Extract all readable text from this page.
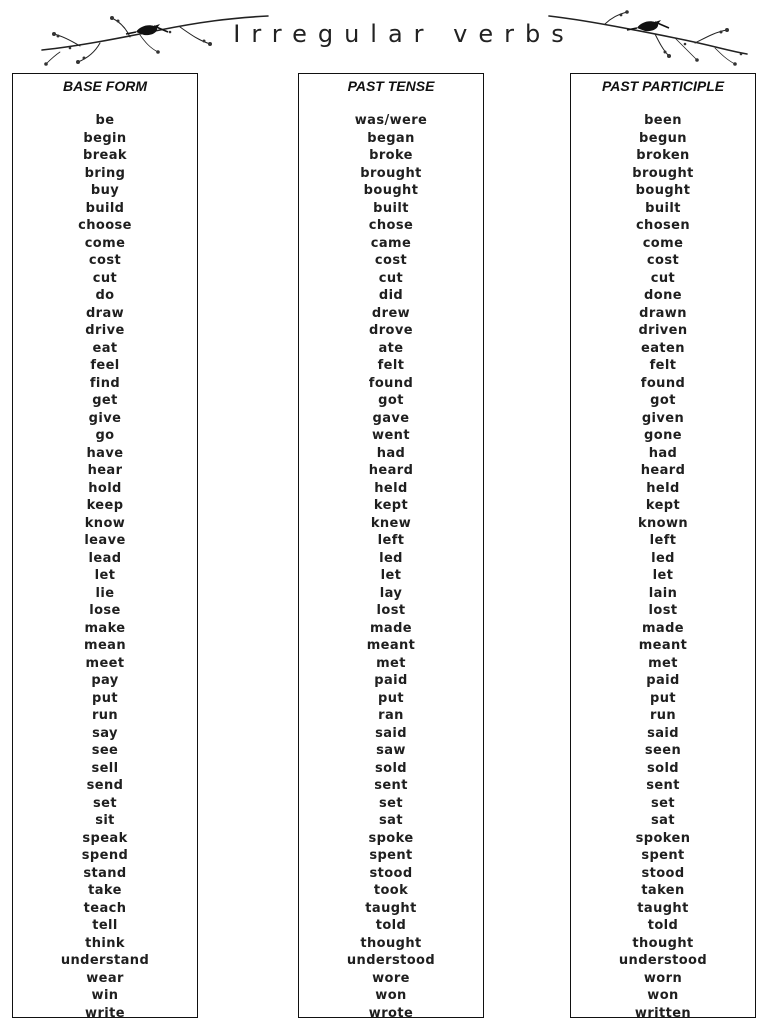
Irregular verbs
BASE FORM
be
begin
break
bring
buy
build
choose
come
cost
cut
do
draw
drive
eat
feel
find
get
give
go
have
hear
hold
keep
know
leave
lead
let
lie
lose
make
mean
meet
pay
put
run
say
see
sell
send
set
sit
speak
spend
stand
take
teach
tell
think
understand
wear
win
write
PAST TENSE
was/were
began
broke
brought
bought
built
chose
came
cost
cut
did
drew
drove
ate
felt
found
got
gave
went
had
heard
held
kept
knew
left
led
let
lay
lost
made
meant
met
paid
put
ran
said
saw
sold
sent
set
sat
spoke
spent
stood
took
taught
told
thought
understood
wore
won
wrote
PAST PARTICIPLE
been
begun
broken
brought
bought
built
chosen
come
cost
cut
done
drawn
driven
eaten
felt
found
got
given
gone
had
heard
held
kept
known
left
led
let
lain
lost
made
meant
met
paid
put
run
said
seen
sold
sent
set
sat
spoken
spent
stood
taken
taught
told
thought
understood
worn
won
written
